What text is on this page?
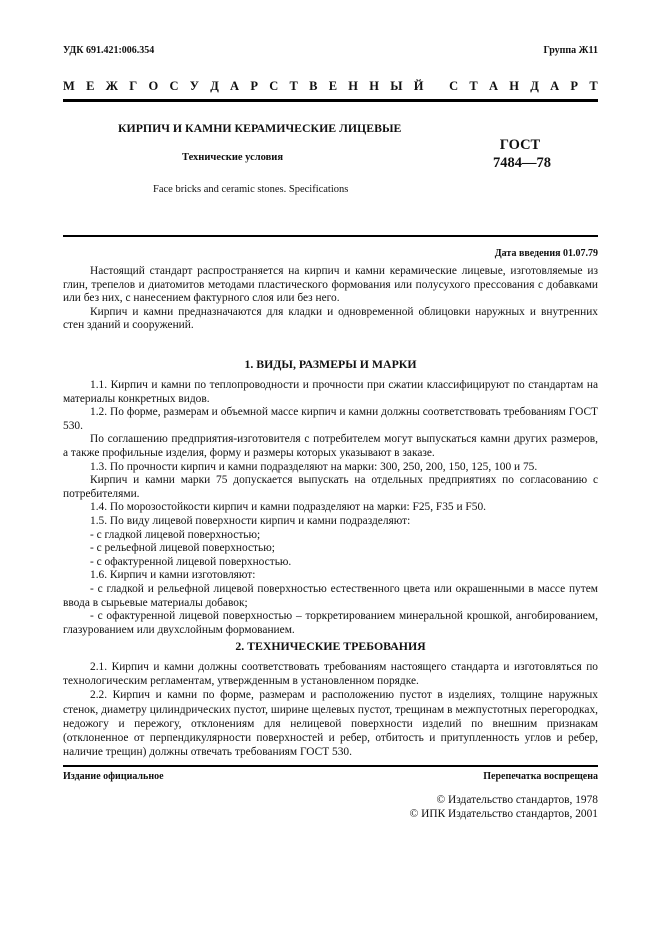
УДК 691.421:006.354	Группа Ж11
М Е Ж Г О С У Д А Р С Т В Е Н Н Ы Й
С Т А Н Д А Р Т
КИРПИЧ И КАМНИ КЕРАМИЧЕСКИЕ ЛИЦЕВЫЕ
Технические условия
Face bricks and ceramic stones. Specifications
ГОСТ
7484—78
Дата введения 01.07.79

Настоящий стандарт распространяется на кирпич и камни керамические лицевые, изготовляемые из глин, трепелов и диатомитов методами пластического формования или полусухого прессования с добавками или без них, с нанесением фактурного слоя или без него.

Кирпич и камни предназначаются для кладки и одновременной облицовки наружных и внутренних стен зданий и сооружений.

1. ВИДЫ, РАЗМЕРЫ И МАРКИ

1.1. Кирпич и камни по теплопроводности и прочности при сжатии классифицируют по стандартам на материалы конкретных видов.

1.2. По форме, размерам и объемной массе кирпич и камни должны соответствовать требованиям ГОСТ 530.

По соглашению предприятия-изготовителя с потребителем могут выпускаться камни других размеров, а также профильные изделия, форму и размеры которых указывают в заказе.

1.3. По прочности кирпич и камни подразделяют на марки: 300, 250, 200, 150, 125, 100 и 75.

Кирпич и камни марки 75 допускается выпускать на отдельных предприятиях по согласованию с потребителями.

1.4. По морозостойкости кирпич и камни подразделяют на марки: F25, F35 и F50.

1.5. По виду лицевой поверхности кирпич и камни подразделяют:

- с гладкой лицевой поверхностью;

- с рельефной лицевой поверхностью;

- с офактуренной лицевой поверхностью.

1.6. Кирпич и камни изготовляют:

- с гладкой и рельефной лицевой поверхностью естественного цвета или окрашенными в массе путем ввода в сырьевые материалы добавок;

- с офактуренной лицевой поверхностью – торкретированием минеральной крошкой, ангобированием, глазурованием или двухслойным формованием.

2. ТЕХНИЧЕСКИЕ ТРЕБОВАНИЯ

2.1. Кирпич и камни должны соответствовать требованиям настоящего стандарта и изготовляться по технологическим регламентам, утвержденным в установленном порядке.

2.2. Кирпич и камни по форме, размерам и расположению пустот в изделиях, толщине наружных стенок, диаметру цилиндрических пустот, ширине щелевых пустот, трещинам в межпустотных перегородках, недожогу и пережогу, отклонениям для нелицевой поверхности изделий по внешним признакам (отклоненное от перпендикулярности поверхностей и ребер, отбитость и притупленность углов и ребер, наличие трещин) должны отвечать требованиям ГОСТ 530.

Издание официальное	Перепечатка воспрещена
© Издательство стандартов, 1978
© ИПК Издательство стандартов, 2001
